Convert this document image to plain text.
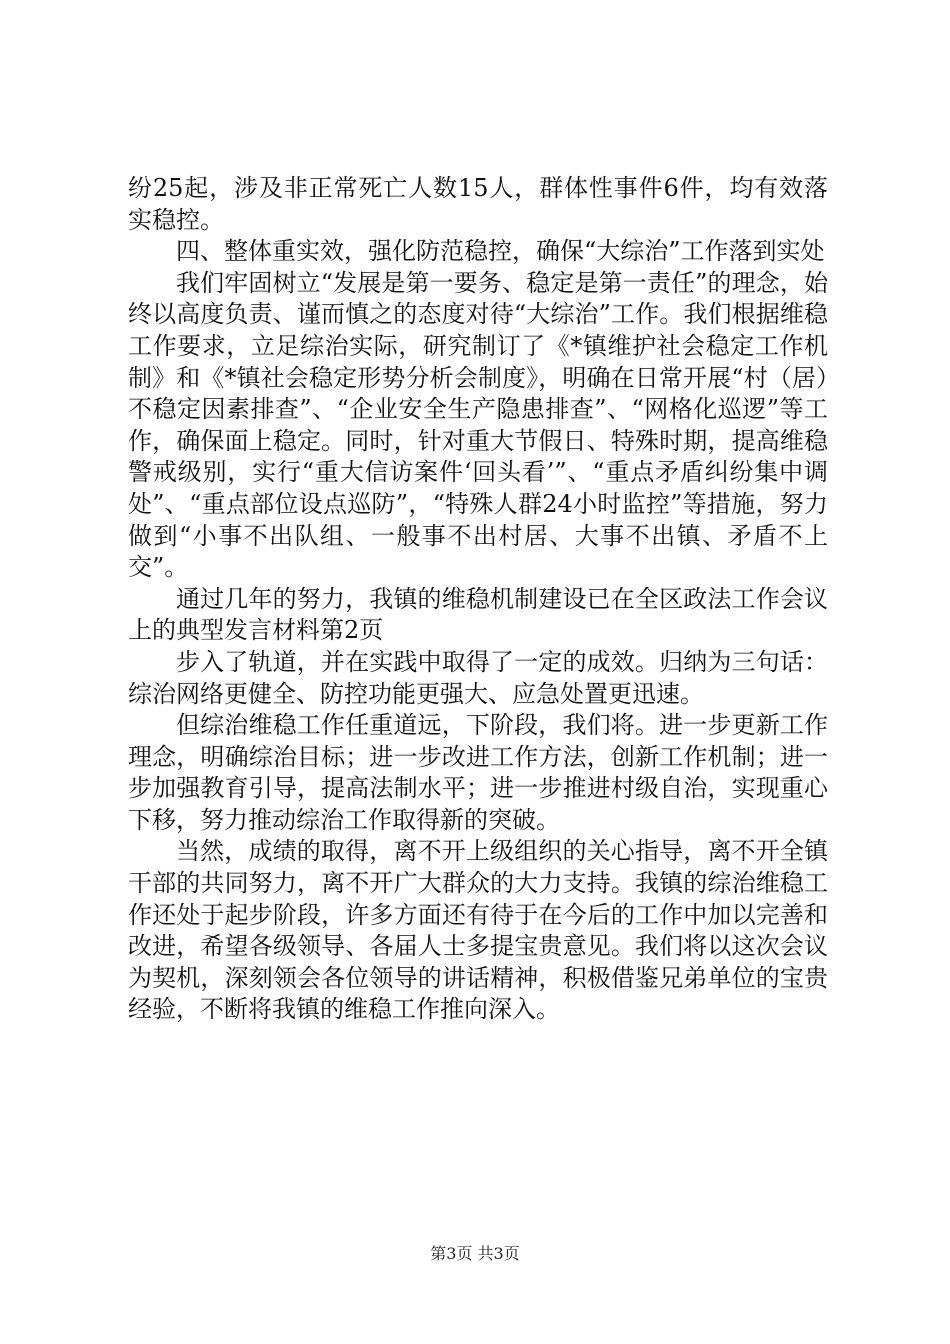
纷25起，涉及非正常死亡人数15人，群体性事件6件，均有效落实稳控。

四、整体重实效，强化防范稳控，确保“大综治”工作落到实处

我们牢固树立“发展是第一要务、稳定是第一责任”的理念，始终以高度负责、谨而慎之的态度对待“大综治”工作。我们根据维稳工作要求，立足综治实际，研究制订了《*镇维护社会稳定工作机制》和《*镇社会稳定形势分析会制度》，明确在日常开展“村（居）不稳定因素排查”、“企业安全生产隐患排查”、“网格化巡逻”等工作，确保面上稳定。同时，针对重大节假日、特殊时期，提高维稳警戒级别，实行“重大信访案件‘回头看’”、“重点矛盾纠纷集中调处”、“重点部位设点巡防”，“特殊人群24小时监控”等措施，努力做到“小事不出队组、一般事不出村居、大事不出镇、矛盾不上交”。

通过几年的努力，我镇的维稳机制建设已在全区政法工作会议上的典型发言材料第2页

步入了轨道，并在实践中取得了一定的成效。归纳为三句话：综治网络更健全、防控功能更强大、应急处置更迅速。

但综治维稳工作任重道远，下阶段，我们将。进一步更新工作理念，明确综治目标；进一步改进工作方法，创新工作机制；进一步加强教育引导，提高法制水平；进一步推进村级自治，实现重心下移，努力推动综治工作取得新的突破。

当然，成绩的取得，离不开上级组织的关心指导，离不开全镇干部的共同努力，离不开广大群众的大力支持。我镇的综治维稳工作还处于起步阶段，许多方面还有待于在今后的工作中加以完善和改进，希望各级领导、各届人士多提宝贵意见。我们将以这次会议为契机，深刻领会各位领导的讲话精神，积极借鉴兄弟单位的宝贵经验，不断将我镇的维稳工作推向深入。

第3页 共3页
